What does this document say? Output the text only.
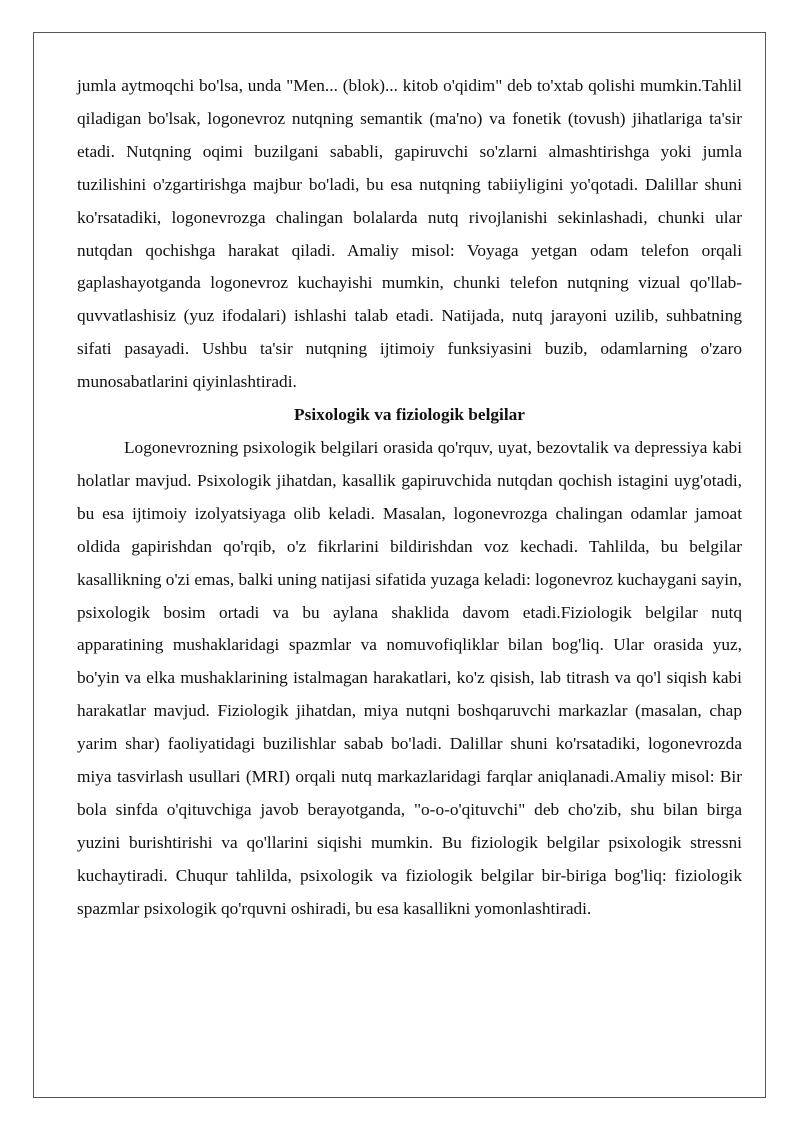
jumla aytmoqchi bo'lsa, unda "Men... (blok)... kitob o'qidim" deb to'xtab qolishi mumkin.Tahlil qiladigan bo'lsak, logonevroz nutqning semantik (ma'no) va fonetik (tovush) jihatlariga ta'sir etadi. Nutqning oqimi buzilgani sababli, gapiruvchi so'zlarni almashtirishga yoki jumla tuzilishini o'zgartirishga majbur bo'ladi, bu esa nutqning tabiiyligini yo'qotadi. Dalillar shuni ko'rsatadiki, logonevrozga chalingan bolalarda nutq rivojlanishi sekinlashadi, chunki ular nutqdan qochishga harakat qiladi. Amaliy misol: Voyaga yetgan odam telefon orqali gaplashayotganda logonevroz kuchayishi mumkin, chunki telefon nutqning vizual qo'llab-quvvatlashisiz (yuz ifodalari) ishlashi talab etadi. Natijada, nutq jarayoni uzilib, suhbatning sifati pasayadi. Ushbu ta'sir nutqning ijtimoiy funksiyasini buzib, odamlarning o'zaro munosabatlarini qiyinlashtiradi.

Psixologik va fiziologik belgilar

Logonevrozning psixologik belgilari orasida qo'rquv, uyat, bezovtalik va depressiya kabi holatlar mavjud. Psixologik jihatdan, kasallik gapiruvchida nutqdan qochish istagini uyg'otadi, bu esa ijtimoiy izolyatsiyaga olib keladi. Masalan, logonevrozga chalingan odamlar jamoat oldida gapirishdan qo'rqib, o'z fikrlarini bildirishdan voz kechadi. Tahlilda, bu belgilar kasallikning o'zi emas, balki uning natijasi sifatida yuzaga keladi: logonevroz kuchaygani sayin, psixologik bosim ortadi va bu aylana shaklida davom etadi.Fiziologik belgilar nutq apparatining mushaklaridagi spazmlar va nomuvofiqliklar bilan bog'liq. Ular orasida yuz, bo'yin va elka mushaklarining istalmagan harakatlari, ko'z qisish, lab titrash va qo'l siqish kabi harakatlar mavjud. Fiziologik jihatdan, miya nutqni boshqaruvchi markazlar (masalan, chap yarim shar) faoliyatidagi buzilishlar sabab bo'ladi. Dalillar shuni ko'rsatadiki, logonevrozda miya tasvirlash usullari (MRI) orqali nutq markazlaridagi farqlar aniqlanadi.Amaliy misol: Bir bola sinfda o'qituvchiga javob berayotganda, "o-o-o'qituvchi" deb cho'zib, shu bilan birga yuzini burishtirishi va qo'llarini siqishi mumkin. Bu fiziologik belgilar psixologik stressni kuchaytiradi. Chuqur tahlilda, psixologik va fiziologik belgilar bir-biriga bog'liq: fiziologik spazmlar psixologik qo'rquvni oshiradi, bu esa kasallikni yomonlashtiradi.
